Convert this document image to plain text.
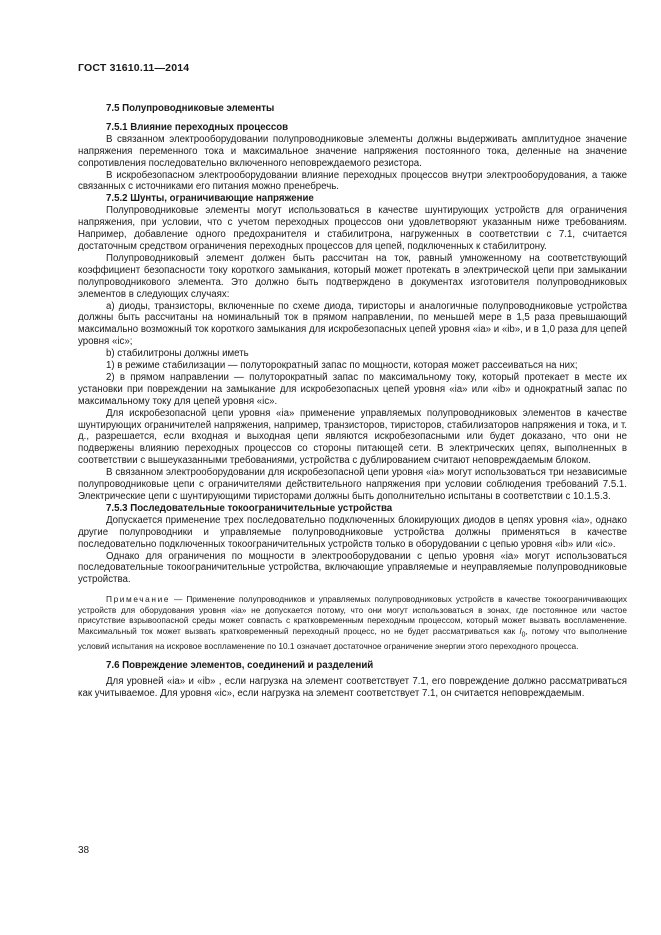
ГОСТ 31610.11—2014
7.5 Полупроводниковые элементы
7.5.1 Влияние переходных процессов

В связанном электрооборудовании полупроводниковые элементы должны выдерживать амплитудное значение напряжения переменного тока и максимальное значение напряжения постоянного тока, деленные на значение сопротивления последовательно включенного неповреждаемого резистора.

В искробезопасном электрооборудовании влияние переходных процессов внутри электрооборудования, а также связанных с источниками его питания можно пренебречь.

7.5.2 Шунты, ограничивающие напряжение

Полупроводниковые элементы могут использоваться в качестве шунтирующих устройств для ограничения напряжения, при условии, что с учетом переходных процессов они удовлетворяют указанным ниже требованиям. Например, добавление одного предохранителя и стабилитрона, нагруженных в соответствии с 7.1, считается достаточным средством ограничения переходных процессов для цепей, подключенных к стабилитрону.

Полупроводниковый элемент должен быть рассчитан на ток, равный умноженному на соответствующий коэффициент безопасности току короткого замыкания, который может протекать в электрической цепи при замыкании полупроводникового элемента. Это должно быть подтверждено в документах изготовителя полупроводниковых элементов в следующих случаях:

a) диоды, транзисторы, включенные по схеме диода, тиристоры и аналогичные полупроводниковые устройства должны быть рассчитаны на номинальный ток в прямом направлении, по меньшей мере в 1,5 раза превышающий максимально возможный ток короткого замыкания для искробезопасных цепей уровня «ia» и «ib», и в 1,0 раза для цепей уровня «ic»;

b) стабилитроны должны иметь

1) в режиме стабилизации — полуторократный запас по мощности, которая может рассеиваться на них;

2) в прямом направлении — полуторократный запас по максимальному току, который протекает в месте их установки при повреждении на замыкание для искробезопасных цепей уровня «ia» или «ib» и однократный запас по максимальному току для цепей уровня «ic».

Для искробезопасной цепи уровня «ia» применение управляемых полупроводниковых элементов в качестве шунтирующих ограничителей напряжения, например, транзисторов, тиристоров, стабилизаторов напряжения и тока, и т. д., разрешается, если входная и выходная цепи являются искробезопасными или будет доказано, что они не подвержены влиянию переходных процессов со стороны питающей сети. В электрических цепях, выполненных в соответствии с вышеуказанными требованиями, устройства с дублированием считают неповреждаемым блоком.

В связанном электрооборудовании для искробезопасной цепи уровня «ia» могут использоваться три независимые полупроводниковые цепи с ограничителями действительного напряжения при условии соблюдения требований 7.5.1. Электрические цепи с шунтирующими тиристорами должны быть дополнительно испытаны в соответствии с 10.1.5.3.

7.5.3 Последовательные токоограничительные устройства

Допускается применение трех последовательно подключенных блокирующих диодов в цепях уровня «ia», однако другие полупроводники и управляемые полупроводниковые устройства должны применяться в качестве последовательно подключенных токоограничительных устройств только в оборудовании с цепью уровня «ib» или «ic».

Однако для ограничения по мощности в электрооборудовании с цепью уровня «ia» могут использоваться последовательные токоограничительные устройства, включающие управляемые и неуправляемые полупроводниковые устройства.

Примечание — Применение полупроводников и управляемых полупроводниковых устройств в качестве токоограничивающих устройств для оборудования уровня «ia» не допускается потому, что они могут использоваться в зонах, где постоянное или частое присутствие взрывоопасной среды может совпасть с кратковременным переходным процессом, который может вызвать воспламенение. Максимальный ток может вызвать кратковременный переходный процесс, но не будет рассматриваться как $I_0$, потому что выполнение условий испытания на искровое воспламенение по 10.1 означает достаточное ограничение энергии этого переходного процесса.
7.6 Повреждение элементов, соединений и разделений

Для уровней «ia» и «ib» , если нагрузка на элемент соответствует 7.1, его повреждение должно рассматриваться как учитываемое. Для уровня «ic», если нагрузка на элемент соответствует 7.1, он считается неповреждаемым.

38
